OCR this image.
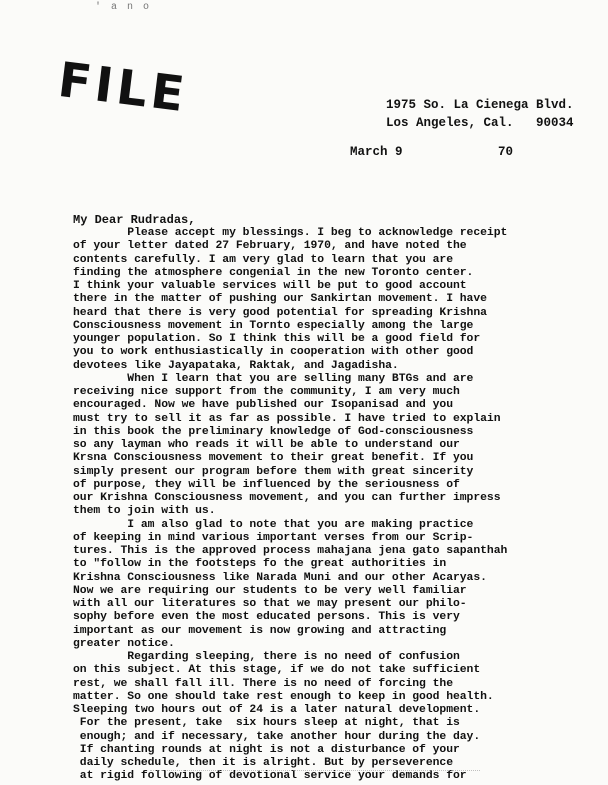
' a n o
FILE	1975 So. La Cienega Blvd.
Los Angeles, Cal.   90034
March 9	70
My Dear Rudradas,
Please accept my blessings. I beg to acknowledge receipt
of your letter dated 27 February, 1970, and have noted the
contents carefully. I am very glad to learn that you are
finding the atmosphere congenial in the new Toronto center.
I think your valuable services will be put to good account
there in the matter of pushing our Sankirtan movement. I have
heard that there is very good potential for spreading Krishna
Consciousness movement in Tornto especially among the large
younger population. So I think this will be a good field for
you to work enthusiastically in cooperation with other good
devotees like Jayapataka, Raktak, and Jagadisha.
When I learn that you are selling many BTGs and are
receiving nice support from the community, I am very much
encouraged. Now we have published our Isopanisad and you
must try to sell it as far as possible. I have tried to explain
in this book the preliminary knowledge of God-consciousness
so any layman who reads it will be able to understand our
Krsna Consciousness movement to their great benefit. If you
simply present our program before them with great sincerity
of purpose, they will be influenced by the seriousness of
our Krishna Consciousness movement, and you can further impress
them to join with us.
I am also glad to note that you are making practice
of keeping in mind various important verses from our Scrip-
tures. This is the approved process mahajana jena gato sapanthah
to "follow in the footsteps fo the great authorities in
Krishna Consciousness like Narada Muni and our other Acaryas.
Now we are requiring our students to be very well familiar
with all our literatures so that we may present our philo-
sophy before even the most educated persons. This is very
important as our movement is now growing and attracting
greater notice.
Regarding sleeping, there is no need of confusion
on this subject. At this stage, if we do not take sufficient
rest, we shall fall ill. There is no need of forcing the
matter. So one should take rest enough to keep in good health.
Sleeping two hours out of 24 is a later natural development.
For the present, take  six hours sleep at night, that is
enough; and if necessary, take another hour during the day.
If chanting rounds at night is not a disturbance of your
daily schedule, then it is alright. But by perseverence
at rigid following of devotional service your demands for
